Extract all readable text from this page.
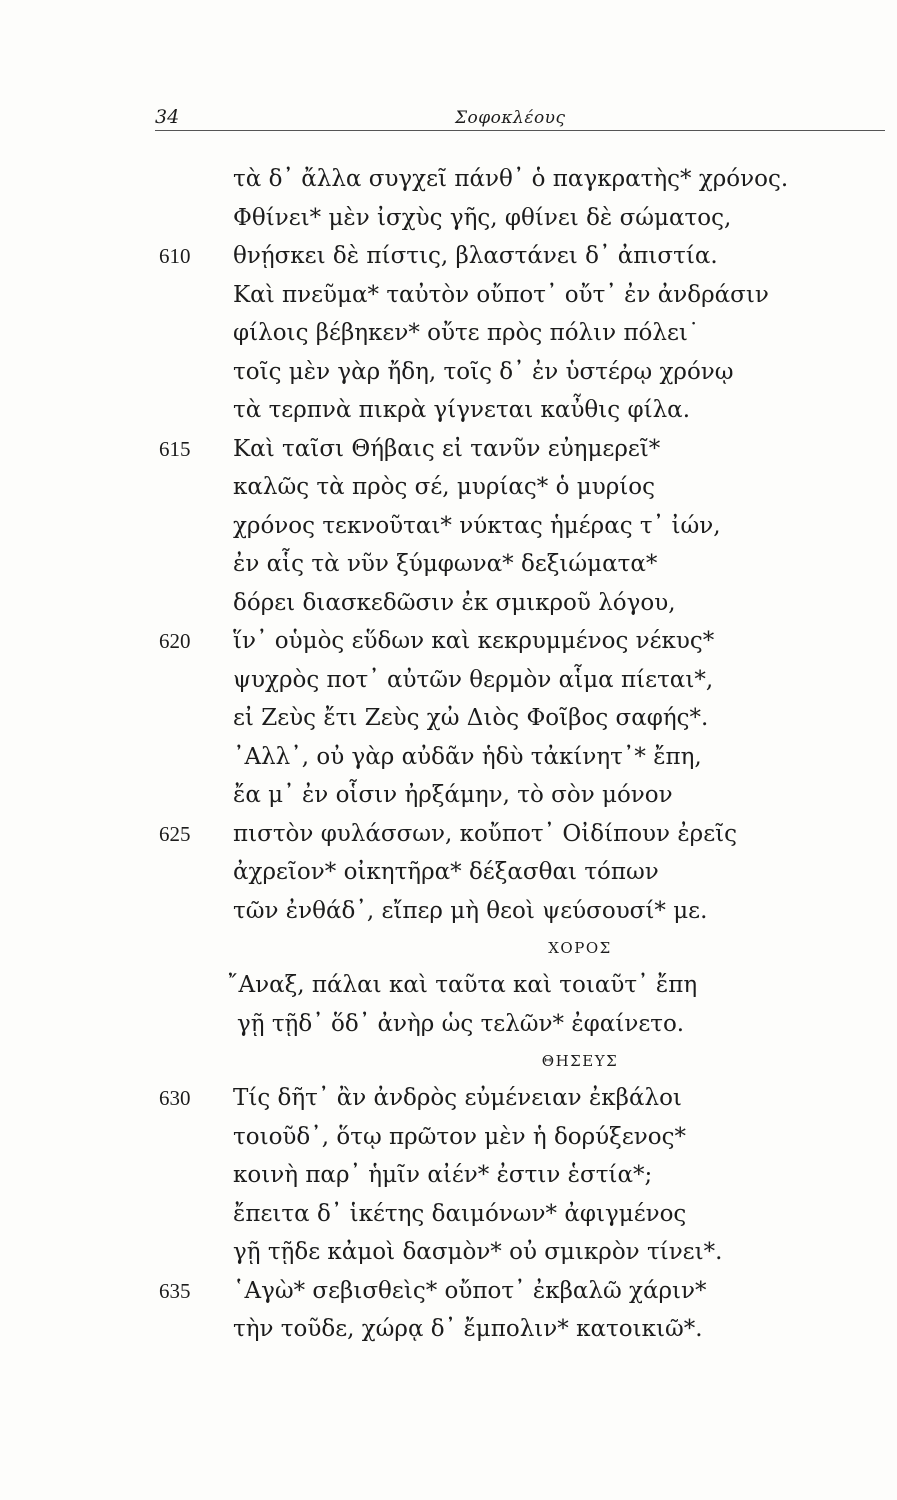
34	Σοφοκλέους
τὰ δ᾿ ἄλλα συγχεῖ πάνθ᾿ ὁ παγκρατὴς* χρόνος.
Φθίνει* μὲν ἰσχὺς γῆς, φθίνει δὲ σώματος,
610 θνῄσκει δὲ πίστις, βλαστάνει δ᾿ ἀπιστία.
Καὶ πνεῦμα* ταὐτὸν οὔποτ᾿ οὔτ᾿ ἐν ἀνδράσιν
φίλοις βέβηκεν* οὔτε πρὸς πόλιν πόλει˙
τοῖς μὲν γὰρ ἤδη, τοῖς δ᾿ ἐν ὑστέρῳ χρόνῳ
τὰ τερπνὰ πικρὰ γίγνεται καὖθις φίλα.
615 Καὶ ταῖσι Θήβαις εἰ τανῦν εὐημερεῖ*
καλῶς τὰ πρὸς σέ, μυρίας* ὁ μυρίος
χρόνος τεκνοῦται* νύκτας ἡμέρας τ᾿ ἰών,
ἐν αἷς τὰ νῦν ξύμφωνα* δεξιώματα*
δόρει διασκεδῶσιν ἐκ σμικροῦ λόγου,
620 ἵν᾿ οὑμὸς εὕδων καὶ κεκρυμμένος νέκυς*
ψυχρὸς ποτ᾿ αὐτῶν θερμὸν αἷμα πίεται*,
εἰ Ζεὺς ἔτι Ζεὺς χὠ Διὸς Φοῖβος σαφής*.
᾿Αλλ᾿, οὐ γὰρ αὐδᾶν ἡδὺ τἀκίνητ᾿* ἔπη,
ἔα μ᾿ ἐν οἷσιν ἠρξάμην, τὸ σὸν μόνον
625 πιστὸν φυλάσσων, κοὔποτ᾿ Οἰδίπουν ἐρεῖς
ἀχρεῖον* οἰκητῆρα* δέξασθαι τόπων
τῶν ἐνθάδ᾿, εἴπερ μὴ θεοὶ ψεύσουσί* με.
ΧΟΡΟΣ
῎Αναξ, πάλαι καὶ ταῦτα καὶ τοιαῦτ᾿ ἔπη
γῇ τῇδ᾿ ὅδ᾿ ἀνὴρ ὡς τελῶν* ἐφαίνετο.
ΘΗΣΕΥΣ
630 Τίς δῆτ᾿ ἂν ἀνδρὸς εὐμένειαν ἐκβάλοι
τοιοῦδ᾿, ὅτῳ πρῶτον μὲν ἡ δορύξενος*
κοινὴ παρ᾿ ἡμῖν αἰέν* ἐστιν ἑστία*;
ἔπειτα δ᾿ ἱκέτης δαιμόνων* ἀφιγμένος
γῇ τῇδε κἀμοὶ δασμὸν* οὐ σμικρὸν τίνει*.
635 ῾Αγὼ* σεβισθεὶς* οὔποτ᾿ ἐκβαλῶ χάριν*
τὴν τοῦδε, χώρᾳ δ᾿ ἔμπολιν* κατοικιῶ*.
